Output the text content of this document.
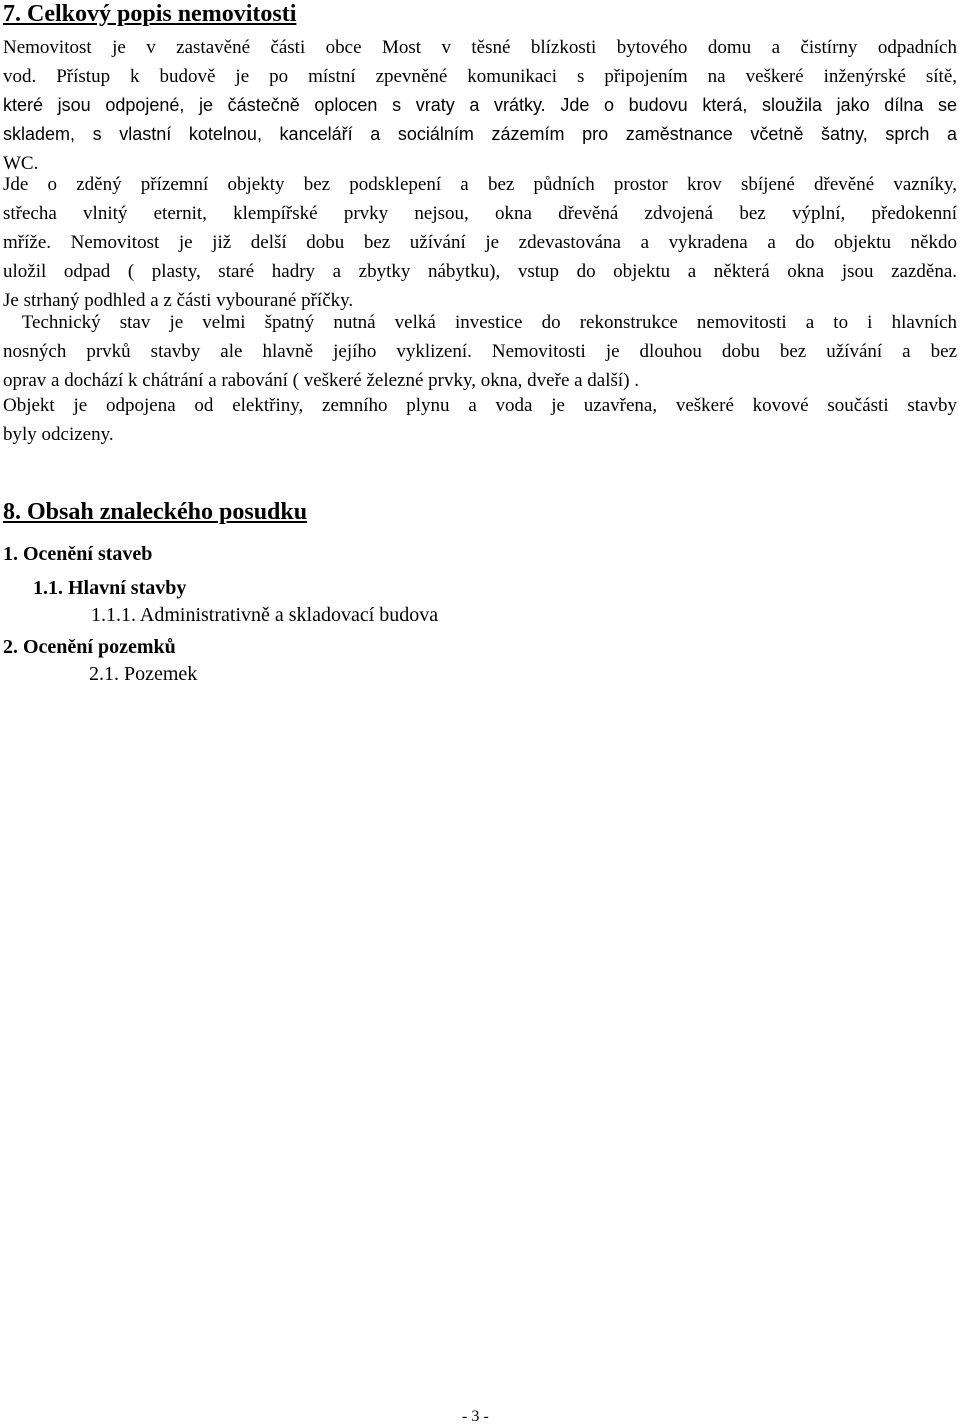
7. Celkový popis nemovitosti

Nemovitost je v zastavěné části obce Most v těsné blízkosti bytového domu a čistírny odpadních
vod. Přístup k budově je po místní zpevněné komunikaci s připojením na veškeré inženýrské sítě,
které jsou odpojené, je částečně oplocen s vraty a vrátky. Jde o budovu která, sloužila jako dílna se
skladem, s vlastní kotelnou, kanceláří a sociálním zázemím pro zaměstnance včetně šatny, sprch a
WC.

Jde o zděný přízemní objekty bez podsklepení a bez půdních prostor krov sbíjené dřevěné vazníky,
střecha vlnitý eternit, klempířské prvky nejsou, okna dřevěná zdvojená bez výplní, předokenní
mříže. Nemovitost je již delší dobu bez užívání je zdevastována a vykradena a do objektu někdo
uložil odpad ( plasty, staré hadry a zbytky nábytku), vstup do objektu a některá okna jsou zazděna.
Je strhaný podhled a z části vybourané příčky.

Technický stav je velmi špatný nutná velká investice do rekonstrukce nemovitosti a to i hlavních
nosných prvků stavby ale hlavně jejího vyklizení. Nemovitosti je dlouhou dobu bez užívání a bez
oprav a dochází k chátrání a rabování ( veškeré železné prvky, okna, dveře a další) .

Objekt je odpojena od elektřiny, zemního plynu a voda je uzavřena, veškeré kovové součásti stavby
byly odcizeny.

8. Obsah znaleckého posudku
1. Ocenění staveb
1.1. Hlavní stavby
1.1.1. Administrativně a skladovací budova
2. Ocenění pozemků
2.1. Pozemek
- 3 -
